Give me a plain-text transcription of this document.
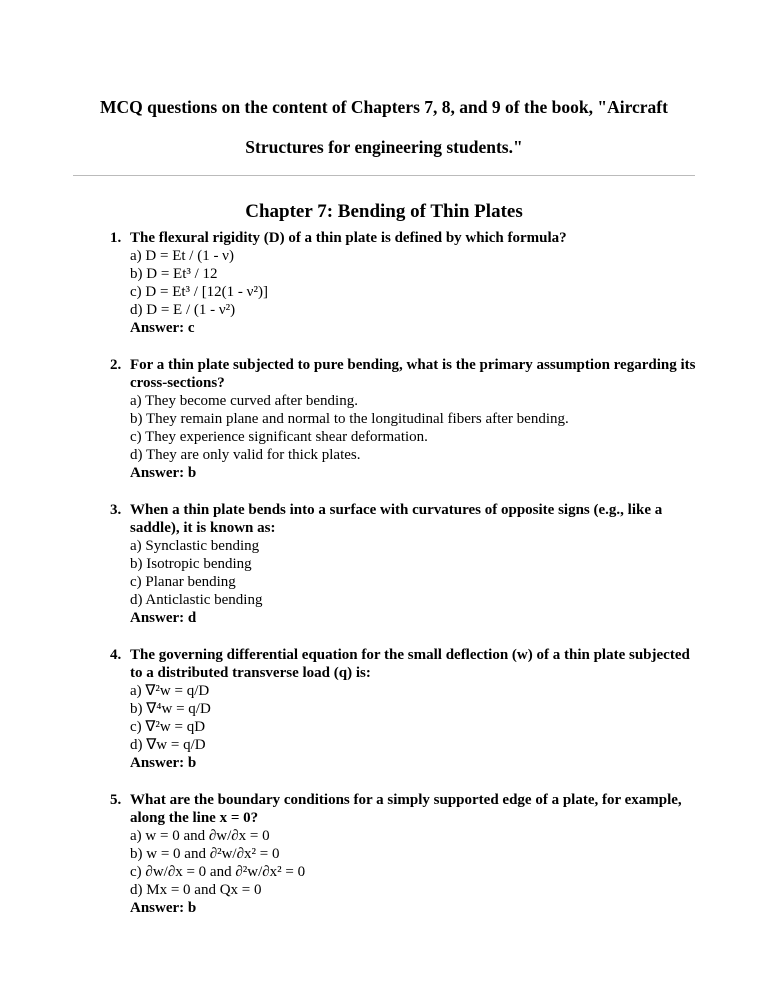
MCQ questions on the content of Chapters 7, 8, and 9 of the book, "Aircraft Structures for engineering students."
Chapter 7: Bending of Thin Plates
1. The flexural rigidity (D) of a thin plate is defined by which formula?
a) D = Et / (1 - ν)
b) D = Et³ / 12
c) D = Et³ / [12(1 - ν²)]
d) D = E / (1 - ν²)
Answer: c
2. For a thin plate subjected to pure bending, what is the primary assumption regarding its cross-sections?
a) They become curved after bending.
b) They remain plane and normal to the longitudinal fibers after bending.
c) They experience significant shear deformation.
d) They are only valid for thick plates.
Answer: b
3. When a thin plate bends into a surface with curvatures of opposite signs (e.g., like a saddle), it is known as:
a) Synclastic bending
b) Isotropic bending
c) Planar bending
d) Anticlastic bending
Answer: d
4. The governing differential equation for the small deflection (w) of a thin plate subjected to a distributed transverse load (q) is:
a) ∇²w = q/D
b) ∇⁴w = q/D
c) ∇²w = qD
d) ∇w = q/D
Answer: b
5. What are the boundary conditions for a simply supported edge of a plate, for example, along the line x = 0?
a) w = 0 and ∂w/∂x = 0
b) w = 0 and ∂²w/∂x² = 0
c) ∂w/∂x = 0 and ∂²w/∂x² = 0
d) Mx = 0 and Qx = 0
Answer: b
